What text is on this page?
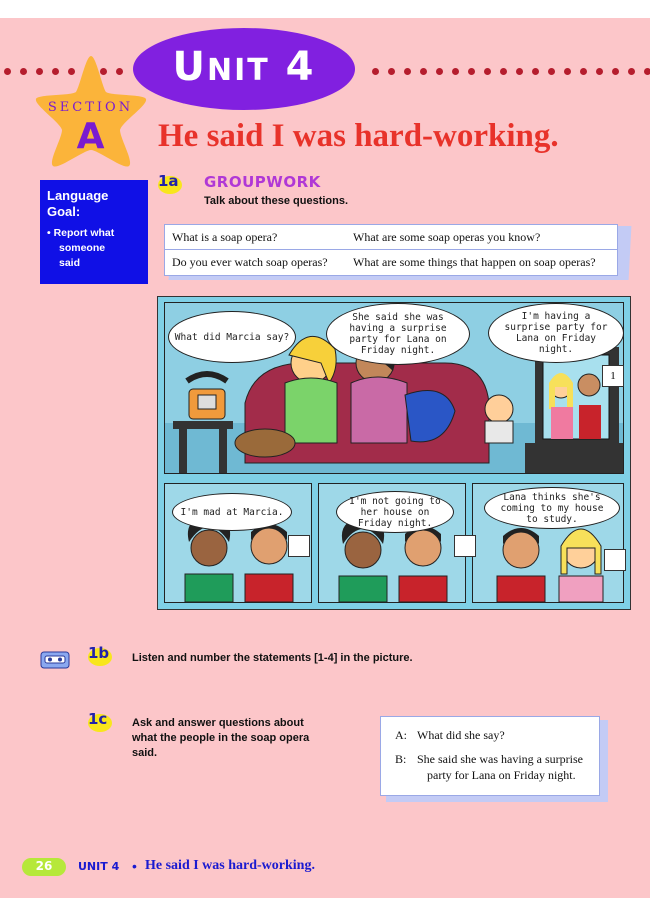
UNIT 4
SECTION
A	He said I was hard-working.
Language
Goal:
• Report what
someone
said
1a GROUPWORK
Talk about these questions.
What is a soap opera?	What are some soap operas you know?
Do you ever watch soap operas? What are some things that happen on soap operas?
What did Marcia say?
She said she was having a surprise party for Lana on Friday night.
I'm having a surprise party for Lana on Friday night.
1
I'm mad at Marcia.
I'm not going to her house on Friday night.
Lana thinks she's coming to my house to study.
1b Listen and number the statements [1-4] in the picture.
1c Ask and answer questions about
what the people in the soap opera
said.
A: What did she say?
B: She said she was having a surprise
party for Lana on Friday night.
26	UNIT 4 • He said I was hard-working.
